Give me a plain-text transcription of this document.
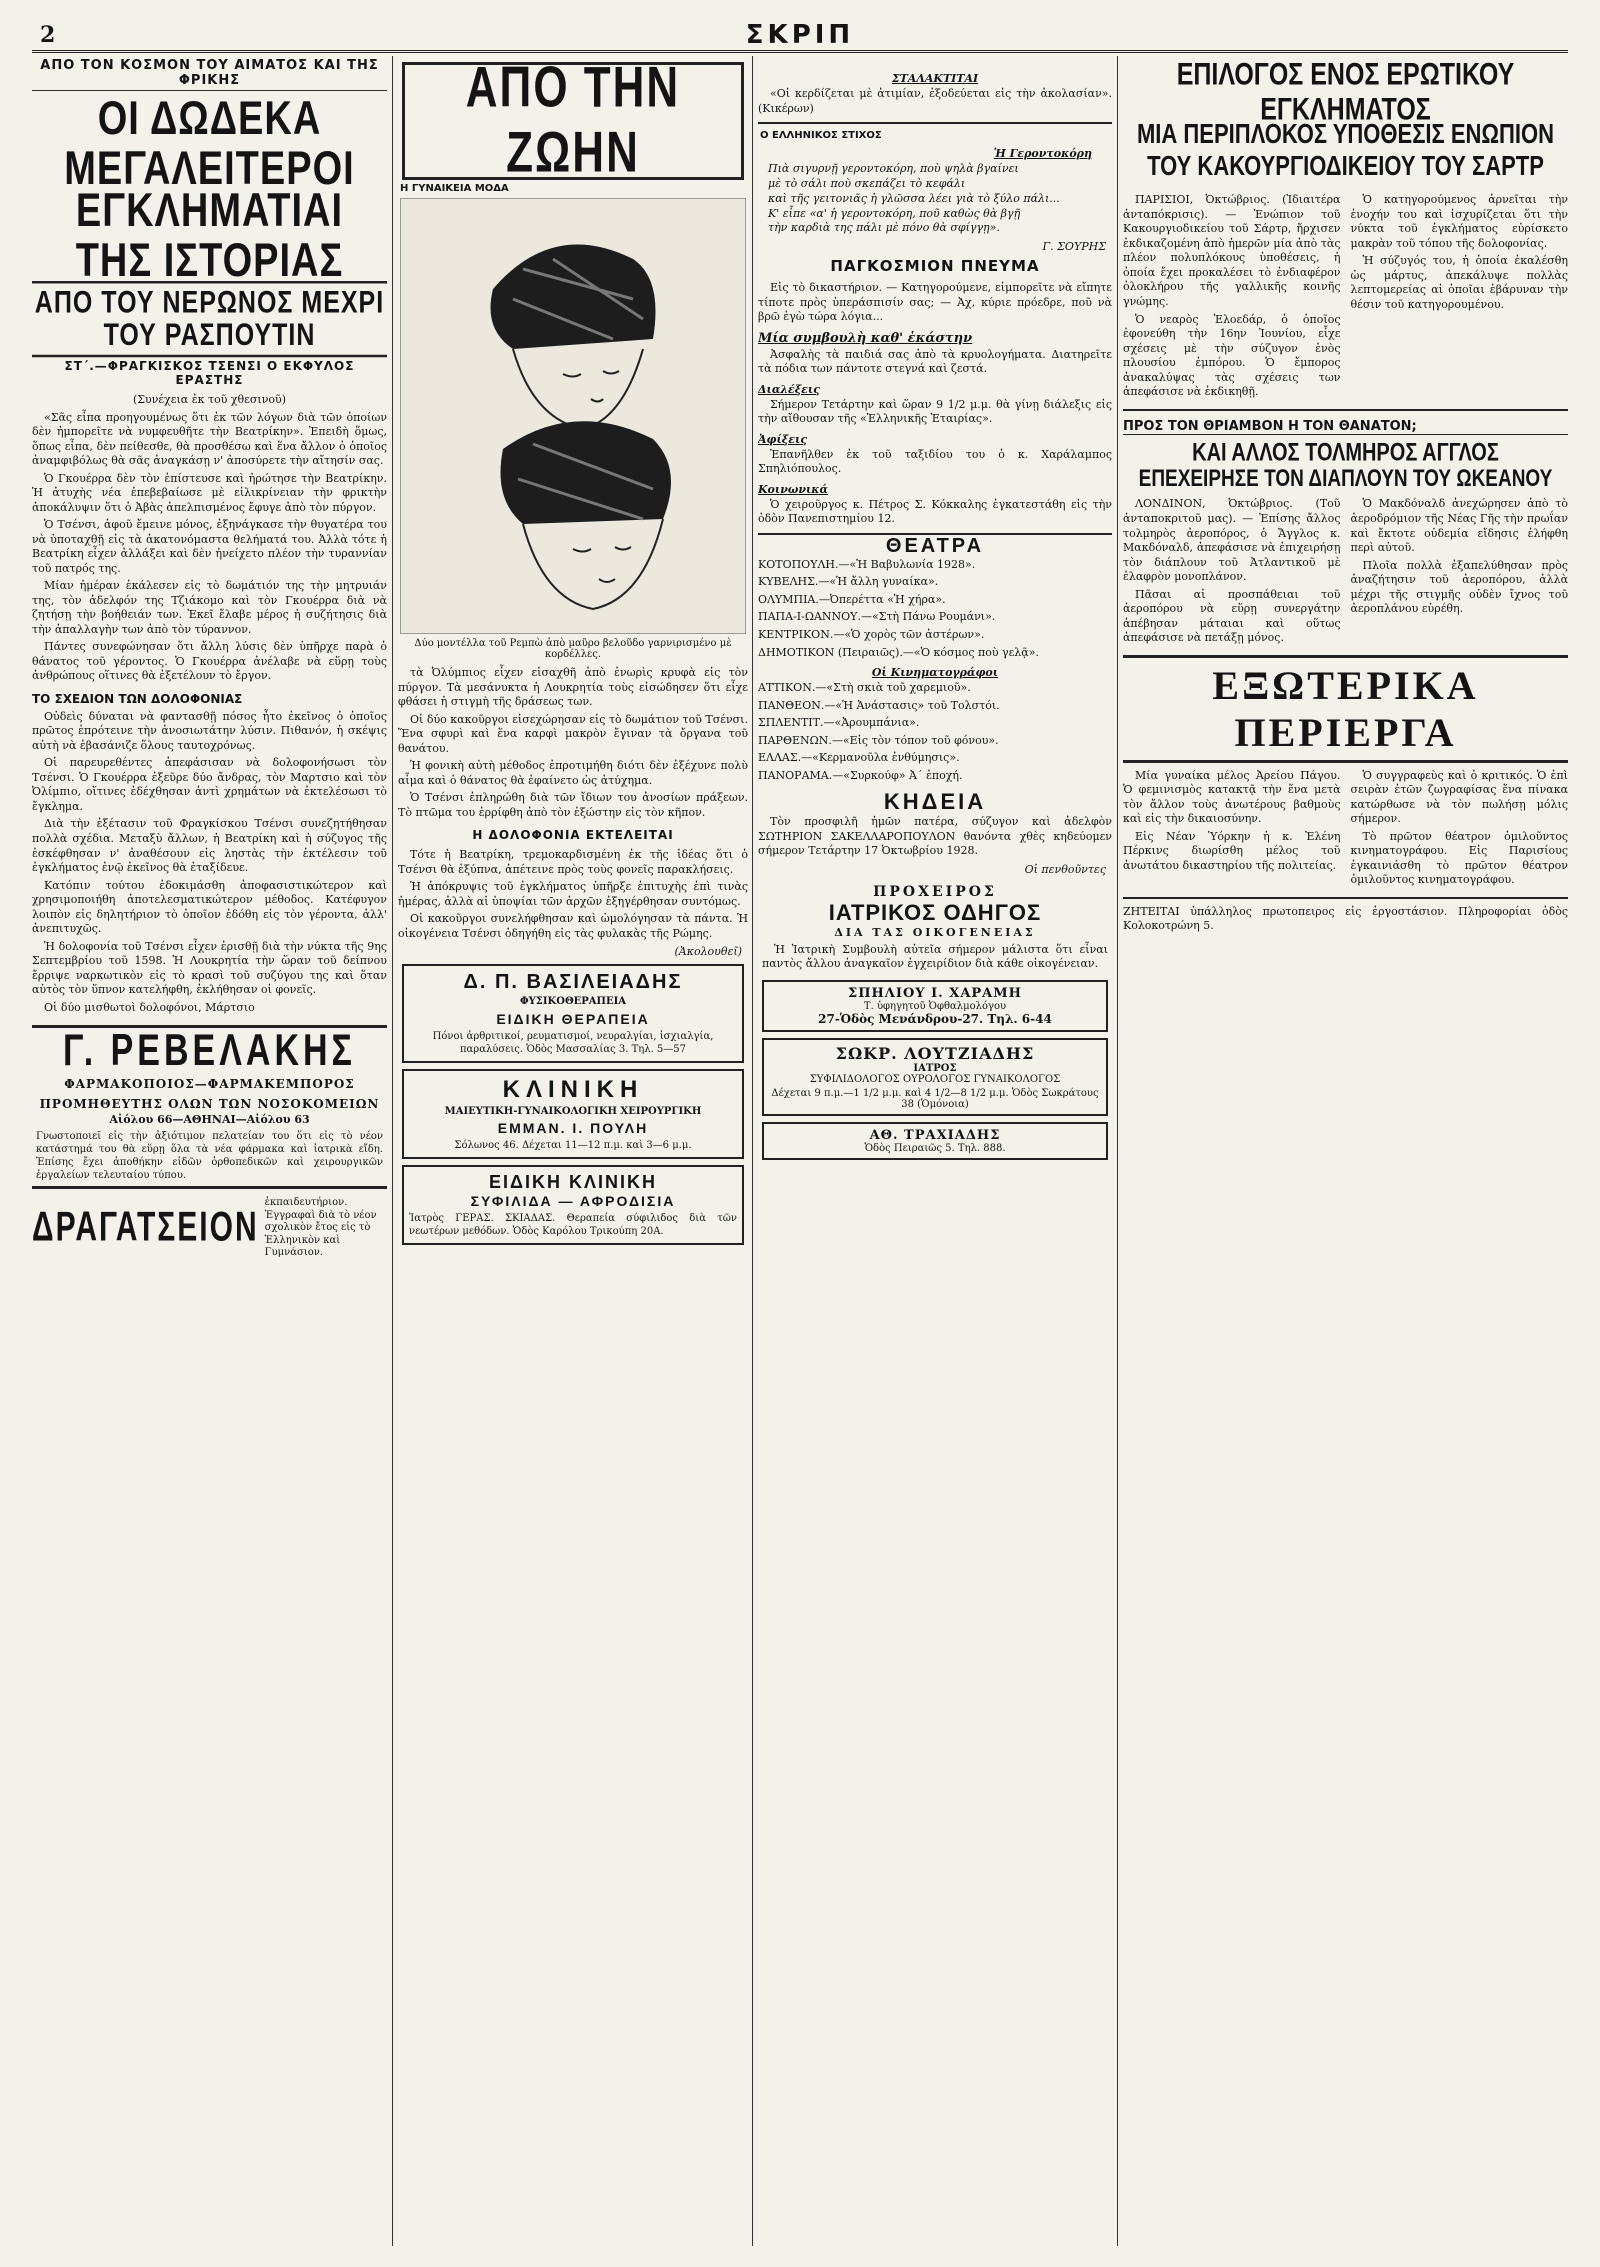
2	ΣΚΡΙΠ
ΑΠΟ ΤΟΝ ΚΟΣΜΟΝ ΤΟΥ ΑΙΜΑΤΟΣ ΚΑΙ ΤΗΣ ΦΡΙΚΗΣ
ΟΙ ΔΩΔΕΚΑ ΜΕΓΑΛΕΙΤΕΡΟΙ
ΕΓΚΛΗΜΑΤΙΑΙ ΤΗΣ ΙΣΤΟΡΙΑΣ
ΑΠΟ ΤΟΥ ΝΕΡΩΝΟΣ ΜΕΧΡΙ ΤΟΥ ΡΑΣΠΟΥΤΙΝ
ΣΤ΄.—ΦΡΑΓΚΙΣΚΟΣ ΤΣΕΝΣΙ Ο ΕΚΦΥΛΟΣ ΕΡΑΣΤΗΣ

(Συνέχεια ἐκ τοῦ χθεσινοῦ)

«Σᾶς εἶπα προηγουμένως ὅτι ἐκ τῶν λόγων διὰ τῶν ὁποίων δὲν ἠμπορεῖτε νὰ νυμφευθῆτε τὴν Βεατρίκην». Ἐπειδὴ ὅμως, ὅπως εἶπα, δὲν πείθεσθε, θὰ προσθέσω καὶ ἕνα ἄλλον ὁ ὁποῖος ἀναμφιβόλως θὰ σᾶς ἀναγκάσῃ ν' ἀποσύρετε τὴν αἴτησίν σας.

Ὁ Γκουέρρα δὲν τὸν ἐπίστευσε καὶ ἠρώτησε τὴν Βεατρίκην. Ἡ ἀτυχὴς νέα ἐπεβεβαίωσε μὲ εἰλικρίνειαν τὴν φρικτὴν ἀποκάλυψιν ὅτι ὁ Ἀβὰς ἀπελπισμένος ἔφυγε ἀπὸ τὸν πύργον.

Ὁ Τσένσι, ἀφοῦ ἔμεινε μόνος, ἐξηνάγκασε τὴν θυγατέρα του νὰ ὑποταχθῇ εἰς τὰ ἀκατονόμαστα θελήματά του. Ἀλλὰ τότε ἡ Βεατρίκη εἶχεν ἀλλάξει καὶ δὲν ἠνείχετο πλέον τὴν τυραννίαν τοῦ πατρός της.

Μίαν ἡμέραν ἐκάλεσεν εἰς τὸ δωμάτιόν της τὴν μητρυιάν της, τὸν ἀδελφόν της Τζιάκομο καὶ τὸν Γκουέρρα διὰ νὰ ζητήσῃ τὴν βοήθειάν των. Ἐκεῖ ἔλαβε μέρος ἡ συζήτησις διὰ τὴν ἀπαλλαγὴν των ἀπὸ τὸν τύραννον.

Πάντες συνεφώνησαν ὅτι ἄλλη λύσις δὲν ὑπῆρχε παρὰ ὁ θάνατος τοῦ γέροντος. Ὁ Γκουέρρα ἀνέλαβε νὰ εὕρῃ τοὺς ἀνθρώπους οἵτινες θὰ ἐξετέλουν τὸ ἔργον.

ΤΟ ΣΧΕΔΙΟΝ ΤΩΝ ΔΟΛΟΦΟΝΙΑΣ

Οὐδεὶς δύναται νὰ φαντασθῇ πόσος ἦτο ἐκεῖνος ὁ ὁποῖος πρῶτος ἐπρότεινε τὴν ἀνοσιωτάτην λύσιν. Πιθανόν, ἡ σκέψις αὐτὴ νὰ ἐβασάνιζε ὅλους ταυτοχρόνως.

Οἱ παρευρεθέντες ἀπεφάσισαν νὰ δολοφονήσωσι τὸν Τσένσι. Ὁ Γκουέρρα ἐξεῦρε δύο ἄνδρας, τὸν Μαρτσιο καὶ τὸν Ὀλίμπιο, οἵτινες ἐδέχθησαν ἀντὶ χρημάτων νὰ ἐκτελέσωσι τὸ ἔγκλημα.

Διὰ τὴν ἐξέτασιν τοῦ Φραγκίσκου Τσένσι συνεζητήθησαν πολλὰ σχέδια. Μεταξὺ ἄλλων, ἡ Βεατρίκη καὶ ἡ σύζυγος τῆς ἐσκέφθησαν ν' ἀναθέσουν εἰς ληστὰς τὴν ἐκτέλεσιν τοῦ ἐγκλήματος ἐνῷ ἐκεῖνος θὰ ἐταξίδευε.

Κατόπιν τούτου ἐδοκιμάσθη ἀποφασιστικώτερον καὶ χρησιμοποιήθη ἀποτελεσματικώτερον μέθοδος. Κατέφυγον λοιπὸν εἰς δηλητήριον τὸ ὁποῖον ἐδόθη εἰς τὸν γέροντα, ἀλλ' ἀνεπιτυχῶς.

Ἡ δολοφονία τοῦ Τσένσι εἶχεν ἐρισθῇ διὰ τὴν νύκτα τῆς 9ης Σεπτεμβρίου τοῦ 1598. Ἡ Λουκρητία τὴν ὥραν τοῦ δείπνου ἔρριψε ναρκωτικὸν εἰς τὸ κρασὶ τοῦ συζύγου της καὶ ὅταν αὐτὸς τὸν ὕπνον κατελήφθη, ἐκλήθησαν οἱ φονεῖς.

Οἱ δύο μισθωτοὶ δολοφόνοι, Μάρτσιο

Γ. ΡΕΒΕΛΑΚΗΣ
ΦΑΡΜΑΚΟΠΟΙΟΣ—ΦΑΡΜΑΚΕΜΠΟΡΟΣ
ΠΡΟΜΗΘΕΥΤΗΣ ΟΛΩΝ ΤΩΝ ΝΟΣΟΚΟΜΕΙΩΝ
Αἰόλου 66—ΑΘΗΝΑΙ—Αἰόλου 63
Γνωστοποιεῖ εἰς τὴν ἀξιότιμον πελατείαν του ὅτι εἰς τὸ νέον κατάστημά του θὰ εὕρῃ ὅλα τὰ νέα φάρμακα καὶ ἰατρικὰ εἴδη. Ἐπίσης ἔχει ἀποθήκην εἰδῶν ὀρθοπεδικῶν καὶ χειρουργικῶν ἐργαλείων τελευταίου τύπου.
ΔΡΑΓΑΤΣΕΙΟΝ
ἐκπαιδευτήριον. Ἐγγραφαὶ διὰ τὸ νέον σχολικὸν ἔτος εἰς τὸ Ἑλληνικὸν καὶ Γυμνάσιον.
ΑΠΟ ΤΗΝ ΖΩΗΝ
Η ΓΥΝΑΙΚΕΙΑ ΜΟΔΑ
Δύο μοντέλλα τοῦ Ρεμπὼ ἀπὸ μαῦρο βελοῦδο γαρνιρισμένο μὲ κορδέλλες.

τὰ Ὀλύμπιος εἶχεν εἰσαχθῆ ἀπὸ ἐνωρὶς κρυφὰ εἰς τὸν πύργον. Τὰ μεσάνυκτα ἡ Λουκρητία τοὺς εἰσώδησεν ὅτι εἶχε φθάσει ἡ στιγμὴ τῆς δράσεως των.

Οἱ δύο κακοῦργοι εἰσεχώρησαν εἰς τὸ δωμάτιον τοῦ Τσένσι. Ἕνα σφυρὶ καὶ ἕνα καρφὶ μακρὸν ἔγιναν τὰ ὄργανα τοῦ θανάτου.

Ἡ φονικὴ αὐτὴ μέθοδος ἐπροτιμήθη διότι δὲν ἐξέχυνε πολὺ αἷμα καὶ ὁ θάνατος θὰ ἐφαίνετο ὡς ἀτύχημα.

Ὁ Τσένσι ἐπληρώθη διὰ τῶν ἴδιων του ἀνοσίων πράξεων. Τὸ πτῶμα του ἐρρίφθη ἀπὸ τὸν ἐξώστην εἰς τὸν κῆπον.

Η ΔΟΛΟΦΟΝΙΑ ΕΚΤΕΛΕΙΤΑΙ

Τότε ἡ Βεατρίκη, τρεμοκαρδισμένη ἐκ τῆς ἰδέας ὅτι ὁ Τσένσι θὰ ἐξύπνα, ἀπέτεινε πρὸς τοὺς φονεῖς παρακλήσεις.

Ἡ ἀπόκρυψις τοῦ ἐγκλήματος ὑπῆρξε ἐπιτυχὴς ἐπὶ τινὰς ἡμέρας, ἀλλὰ αἱ ὑποψίαι τῶν ἀρχῶν ἐξηγέρθησαν συντόμως.

Οἱ κακοῦργοι συνελήφθησαν καὶ ὡμολόγησαν τὰ πάντα. Ἡ οἰκογένεια Τσένσι ὁδηγήθη εἰς τὰς φυλακὰς τῆς Ρώμης.

(Ἀκολουθεῖ)
Δ. Π. ΒΑΣΙΛΕΙΑΔΗΣ
ΦΥΣΙΚΟΘΕΡΑΠΕΙΑ
ΕΙΔΙΚΗ ΘΕΡΑΠΕΙΑ
Πόνοι ἀρθριτικοί, ρευματισμοί, νευραλγίαι, ἰσχιαλγία, παραλύσεις. Ὁδὸς Μασσαλίας 3. Τηλ. 5—57
ΚΛΙΝΙΚΗ
ΜΑΙΕΥΤΙΚΗ-ΓΥΝΑΙΚΟΛΟΓΙΚΗ ΧΕΙΡΟΥΡΓΙΚΗ
ΕΜΜΑΝ. Ι. ΠΟΥΛΗ
Σόλωνος 46. Δέχεται 11—12 π.μ. καὶ 3—6 μ.μ.
ΕΙΔΙΚΗ ΚΛΙΝΙΚΗ
ΣΥΦΙΛΙΔΑ — ΑΦΡΟΔΙΣΙΑ
Ἰατρὸς ΓΕΡΑΣ. ΣΚΙΑΔΑΣ. Θεραπεία σύφιλιδος διὰ τῶν νεωτέρων μεθόδων. Ὁδὸς Καρόλου Τρικούπη 20Α.
ΣΤΑΛΑΚΤΙΤΑΙ

«Οἱ κερδίζεται μὲ ἀτιμίαν, ἐξοδεύεται εἰς τὴν ἀκολασίαν». (Κικέρων)

Ο ΕΛΛΗΝΙΚΟΣ ΣΤΙΧΟΣ
Ἡ Γεροντοκόρη
Πιὰ σιγυρνῇ γεροντοκόρη, ποὺ ψηλὰ βγαίνει
μὲ τὸ σάλι ποὺ σκεπάζει τὸ κεφάλι
καὶ τῆς γειτονιᾶς ἡ γλῶσσα λέει γιὰ τὸ ξύλο πάλι...
Κ' εἶπε «α' ἡ γεροντοκόρη, ποῦ καθὼς θὰ βγῇ
τὴν καρδιὰ της πάλι μὲ πόνο θὰ σφίγγῃ».
Γ. ΣΟΥΡΗΣ
ΠΑΓΚΟΣΜΙΟΝ ΠΝΕΥΜΑ

Εἰς τὸ δικαστήριον. — Κατηγορούμενε, εἰμπορεῖτε νὰ εἴπητε τίποτε πρὸς ὑπεράσπισίν σας; — Ἀχ, κύριε πρόεδρε, ποῦ νὰ βρῶ ἐγὼ τώρα λόγια...

Μία συμβουλὴ καθ' ἑκάστην

Ἀσφαλὴς τὰ παιδιά σας ἀπὸ τὰ κρυολογήματα. Διατηρεῖτε τὰ πόδια των πάντοτε στεγνά καὶ ζεστά.

Διαλέξεις

Σήμερον Τετάρτην καὶ ὥραν 9 1/2 μ.μ. θὰ γίνῃ διάλεξις εἰς τὴν αἴθουσαν τῆς «Ἑλληνικῆς Ἑταιρίας».

Ἀφίξεις

Ἐπανῆλθεν ἐκ τοῦ ταξιδίου του ὁ κ. Χαράλαμπος Σπηλιόπουλος.

Κοινωνικά

Ὁ χειροῦργος κ. Πέτρος Σ. Κόκκαλης ἐγκατεστάθη εἰς τὴν ὁδὸν Πανεπιστημίου 12.

ΘΕΑΤΡΑ

ΚΟΤΟΠΟΥΛΗ.—«Ἡ Βαβυλωνία 1928».

ΚΥΒΕΛΗΣ.—«Ἡ ἄλλη γυναίκα».

ΟΛΥΜΠΙΑ.—Ὀπερέττα «Ἡ χήρα».

ΠΑΠΑ-Ι-ΩΑΝΝΟΥ.—«Στὴ Πάνω Ρουμάνι».

ΚΕΝΤΡΙΚΟΝ.—«Ὁ χορὸς τῶν ἀστέρων».

ΔΗΜΟΤΙΚΟΝ (Πειραιῶς).—«Ὁ κόσμος ποὺ γελᾷ».

Οἱ Κινηματογράφοι

ΑΤΤΙΚΟΝ.—«Στὴ σκιὰ τοῦ χαρεμιοῦ».

ΠΑΝΘΕΟΝ.—«Ἡ Ἀνάστασις» τοῦ Τολστόι.

ΣΠΛΕΝΤΙΤ.—«Ἀρουμπάνια».

ΠΑΡΘΕΝΩΝ.—«Εἰς τὸν τόπον τοῦ φόνου».

ΕΛΛΑΣ.—«Κερμανοῦλα ἐνθύμησις».

ΠΑΝΟΡΑΜΑ.—«Συρκούφ» Ἀ΄ ἐποχή.

ΚΗΔΕΙΑ

Τὸν προσφιλῆ ἡμῶν πατέρα, σύζυγον καὶ ἀδελφὸν ΣΩΤΗΡΙΟΝ ΣΑΚΕΛΛΑΡΟΠΟΥΛΟΝ θανόντα χθὲς κηδεύομεν σήμερον Τετάρτην 17 Ὀκτωβρίου 1928.

Οἱ πενθοῦντες
ΠΡΟΧΕΙΡΟΣ
ΙΑΤΡΙΚΟΣ ΟΔΗΓΟΣ
ΔΙΑ ΤΑΣ ΟΙΚΟΓΕΝΕΙΑΣ

Ἡ Ἰατρικὴ Συμβουλὴ αὐτεῖα σήμερον μάλιστα ὅτι εἶναι παντὸς ἄλλου ἀναγκαῖον ἐγχειρίδιον διὰ κάθε οἰκογένειαν.

ΣΠΗΛΙΟΥ Ι. ΧΑΡΑΜΗ
Τ. ὑφηγητοῦ Ὀφθαλμολόγου
27-Ὁδὸς Μενάνδρου-27. Τηλ. 6-44
ΣΩΚΡ. ΛΟΥΤΖΙΑΔΗΣ
ΙΑΤΡΟΣ
ΣΥΦΙΛΙΔΟΛΟΓΟΣ ΟΥΡΟΛΟΓΟΣ ΓΥΝΑΙΚΟΛΟΓΟΣ
Δέχεται 9 π.μ.—1 1/2 μ.μ. καὶ 4 1/2—8 1/2 μ.μ. Ὁδὸς Σωκράτους 38 (Ὁμόνοια)
ΑΘ. ΤΡΑΧΙΑΔΗΣ
Ὁδὸς Πειραιῶς 5. Τηλ. 888.
ΕΠΙΛΟΓΟΣ ΕΝΟΣ ΕΡΩΤΙΚΟΥ ΕΓΚΛΗΜΑΤΟΣ
ΜΙΑ ΠΕΡΙΠΛΟΚΟΣ ΥΠΟΘΕΣΙΣ ΕΝΩΠΙΟΝ
ΤΟΥ ΚΑΚΟΥΡΓΙΟΔΙΚΕΙΟΥ ΤΟΥ ΣΑΡΤΡ

ΠΑΡΙΣΙΟΙ, Ὀκτώβριος. (Ἰδιαιτέρα ἀνταπόκρισις). — Ἐνώπιον τοῦ Κακουργιοδικείου τοῦ Σάρτρ, ἤρχισεν ἐκδικαζομένη ἀπὸ ἡμερῶν μία ἀπὸ τὰς πλέον πολυπλόκους ὑποθέσεις, ἡ ὁποία ἔχει προκαλέσει τὸ ἐνδιαφέρον ὁλοκλήρου τῆς γαλλικῆς κοινῆς γνώμης.

Ὁ νεαρὸς Ἐλοεδάρ, ὁ ὁποῖος ἐφονεύθη τὴν 16ην Ἰουνίου, εἶχε σχέσεις μὲ τὴν σύζυγον ἑνὸς πλουσίου ἐμπόρου. Ὁ ἔμπορος ἀνακαλύψας τὰς σχέσεις των ἀπεφάσισε νὰ ἐκδικηθῇ.

Ὁ κατηγορούμενος ἀρνεῖται τὴν ἐνοχήν του καὶ ἰσχυρίζεται ὅτι τὴν νύκτα τοῦ ἐγκλήματος εὑρίσκετο μακρὰν τοῦ τόπου τῆς δολοφονίας.

Ἡ σύζυγός του, ἡ ὁποία ἐκαλέσθη ὡς μάρτυς, ἀπεκάλυψε πολλὰς λεπτομερείας αἱ ὁποῖαι ἐβάρυναν τὴν θέσιν τοῦ κατηγορουμένου.

ΠΡΟΣ ΤΟΝ ΘΡΙΑΜΒΟΝ Η ΤΟΝ ΘΑΝΑΤΟΝ;
ΚΑΙ ΑΛΛΟΣ ΤΟΛΜΗΡΟΣ ΑΓΓΛΟΣ
ΕΠΕΧΕΙΡΗΣΕ ΤΟΝ ΔΙΑΠΛΟΥΝ ΤΟΥ ΩΚΕΑΝΟΥ

ΛΟΝΔΙΝΟΝ, Ὀκτώβριος. (Τοῦ ἀνταποκριτοῦ μας). — Ἐπίσης ἄλλος τολμηρὸς ἀεροπόρος, ὁ Ἄγγλος κ. Μακδόναλδ, ἀπεφάσισε νὰ ἐπιχειρήσῃ τὸν διάπλουν τοῦ Ἀτλαντικοῦ μὲ ἐλαφρὸν μονοπλάνον.

Πᾶσαι αἱ προσπάθειαι τοῦ ἀεροπόρου νὰ εὕρῃ συνεργάτην ἀπέβησαν μάταιαι καὶ οὕτως ἀπεφάσισε νὰ πετάξῃ μόνος.

Ὁ Μακδόναλδ ἀνεχώρησεν ἀπὸ τὸ ἀεροδρόμιον τῆς Νέας Γῆς τὴν πρωΐαν καὶ ἔκτοτε οὐδεμία εἴδησις ἐλήφθη περὶ αὐτοῦ.

Πλοῖα πολλὰ ἐξαπελύθησαν πρὸς ἀναζήτησιν τοῦ ἀεροπόρου, ἀλλὰ μέχρι τῆς στιγμῆς οὐδὲν ἴχνος τοῦ ἀεροπλάνου εὑρέθη.

ΕΞΩΤΕΡΙΚΑ ΠΕΡΙΕΡΓΑ

Μία γυναίκα μέλος Ἀρείου Πάγου. Ὁ φεμινισμὸς κατακτᾷ τὴν ἕνα μετὰ τὸν ἄλλον τοὺς ἀνωτέρους βαθμοὺς καὶ εἰς τὴν δικαιοσύνην.

Εἰς Νέαν Ὑόρκην ἡ κ. Ἐλένη Πέρκινς διωρίσθη μέλος τοῦ ἀνωτάτου δικαστηρίου τῆς πολιτείας.

Ὁ συγγραφεὺς καὶ ὁ κριτικός. Ὁ ἐπὶ σειρὰν ἐτῶν ζωγραφίσας ἕνα πίνακα κατώρθωσε νὰ τὸν πωλήσῃ μόλις σήμερον.

Τὸ πρῶτον θέατρον ὁμιλοῦντος κινηματογράφου. Εἰς Παρισίους ἐγκαινιάσθη τὸ πρῶτον θέατρον ὁμιλοῦντος κινηματογράφου.

ΖΗΤΕΙΤΑΙ ὑπάλληλος πρωτοπειρος εἰς ἐργοστάσιον. Πληροφορίαι ὁδὸς Κολοκοτρώνη 5.
